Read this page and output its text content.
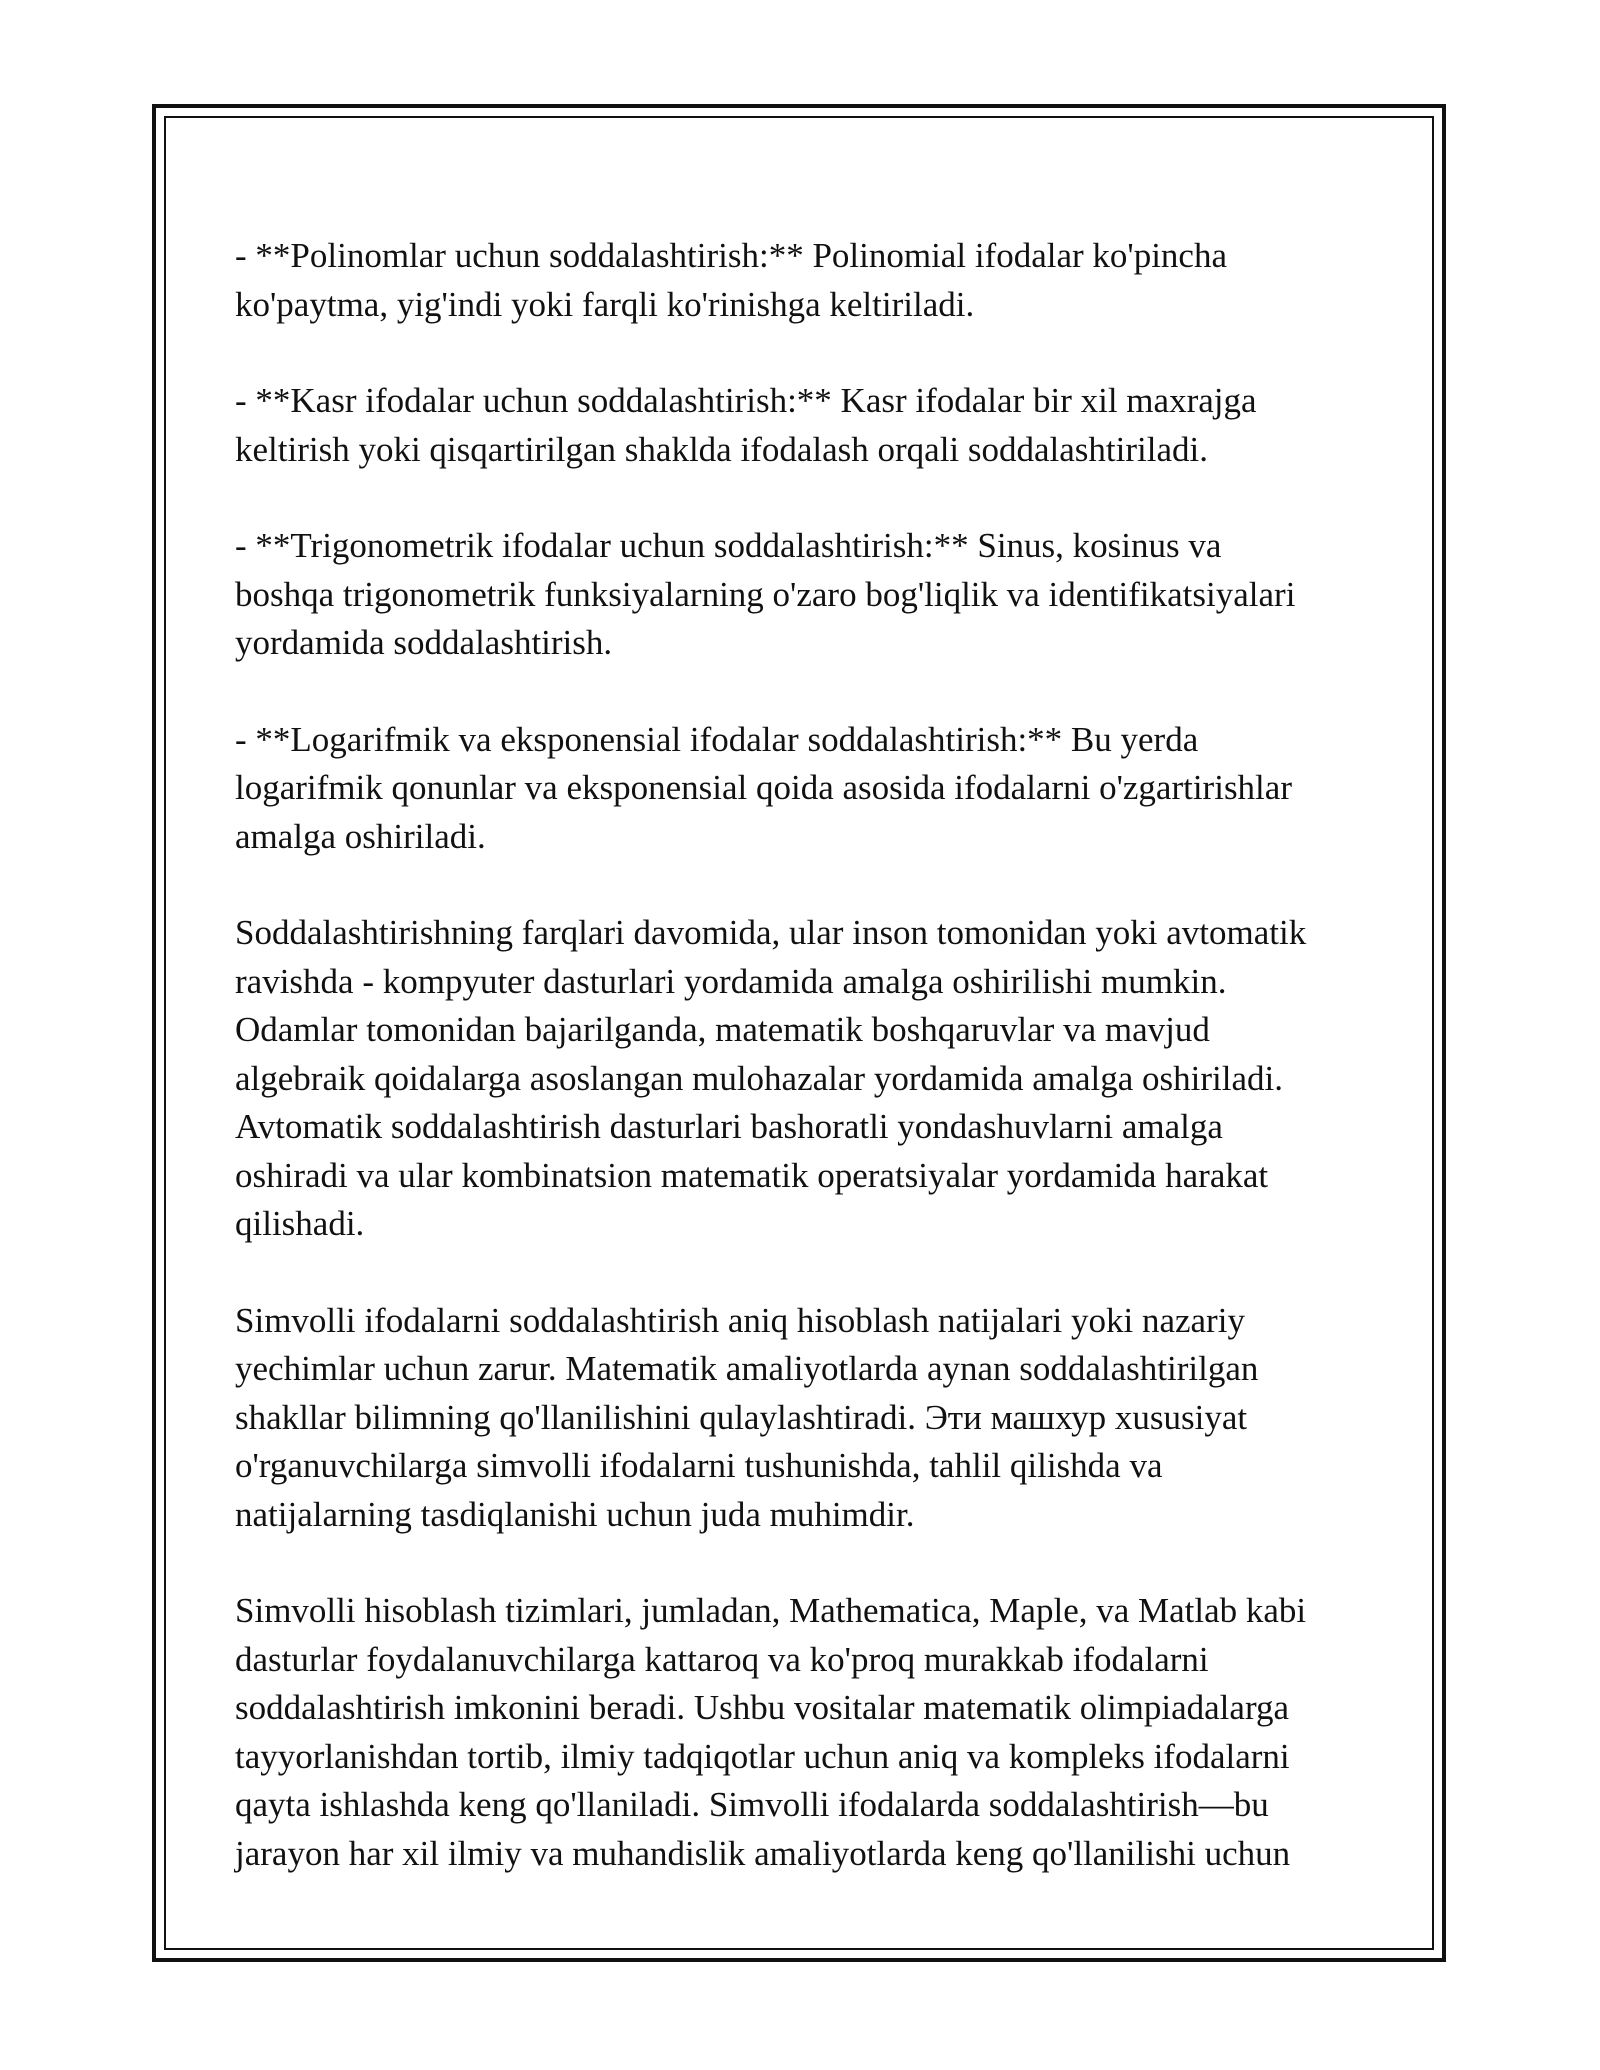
- **Polinomlar uchun soddalashtirish:** Polinomial ifodalar ko'pincha
ko'paytma, yig'indi yoki farqli ko'rinishga keltiriladi.

- **Kasr ifodalar uchun soddalashtirish:** Kasr ifodalar bir xil maxrajga
keltirish yoki qisqartirilgan shaklda ifodalash orqali soddalashtiriladi.

- **Trigonometrik ifodalar uchun soddalashtirish:** Sinus, kosinus va
boshqa trigonometrik funksiyalarning o'zaro bog'liqlik va identifikatsiyalari
yordamida soddalashtirish.

- **Logarifmik va eksponensial ifodalar soddalashtirish:** Bu yerda
logarifmik qonunlar va eksponensial qoida asosida ifodalarni o'zgartirishlar
amalga oshiriladi.

Soddalashtirishning farqlari davomida, ular inson tomonidan yoki avtomatik
ravishda - kompyuter dasturlari yordamida amalga oshirilishi mumkin.
Odamlar tomonidan bajarilganda, matematik boshqaruvlar va mavjud
algebraik qoidalarga asoslangan mulohazalar yordamida amalga oshiriladi.
Avtomatik soddalashtirish dasturlari bashoratli yondashuvlarni amalga
oshiradi va ular kombinatsion matematik operatsiyalar yordamida harakat
qilishadi.

Simvolli ifodalarni soddalashtirish aniq hisoblash natijalari yoki nazariy
yechimlar uchun zarur. Matematik amaliyotlarda aynan soddalashtirilgan
shakllar bilimning qo'llanilishini qulaylashtiradi. Эти машхур xususiyat
o'rganuvchilarga simvolli ifodalarni tushunishda, tahlil qilishda va
natijalarning tasdiqlanishi uchun juda muhimdir.

Simvolli hisoblash tizimlari, jumladan, Mathematica, Maple, va Matlab kabi
dasturlar foydalanuvchilarga kattaroq va ko'proq murakkab ifodalarni
soddalashtirish imkonini beradi. Ushbu vositalar matematik olimpiadalarga
tayyorlanishdan tortib, ilmiy tadqiqotlar uchun aniq va kompleks ifodalarni
qayta ishlashda keng qo'llaniladi. Simvolli ifodalarda soddalashtirish—bu
jarayon har xil ilmiy va muhandislik amaliyotlarda keng qo'llanilishi uchun
